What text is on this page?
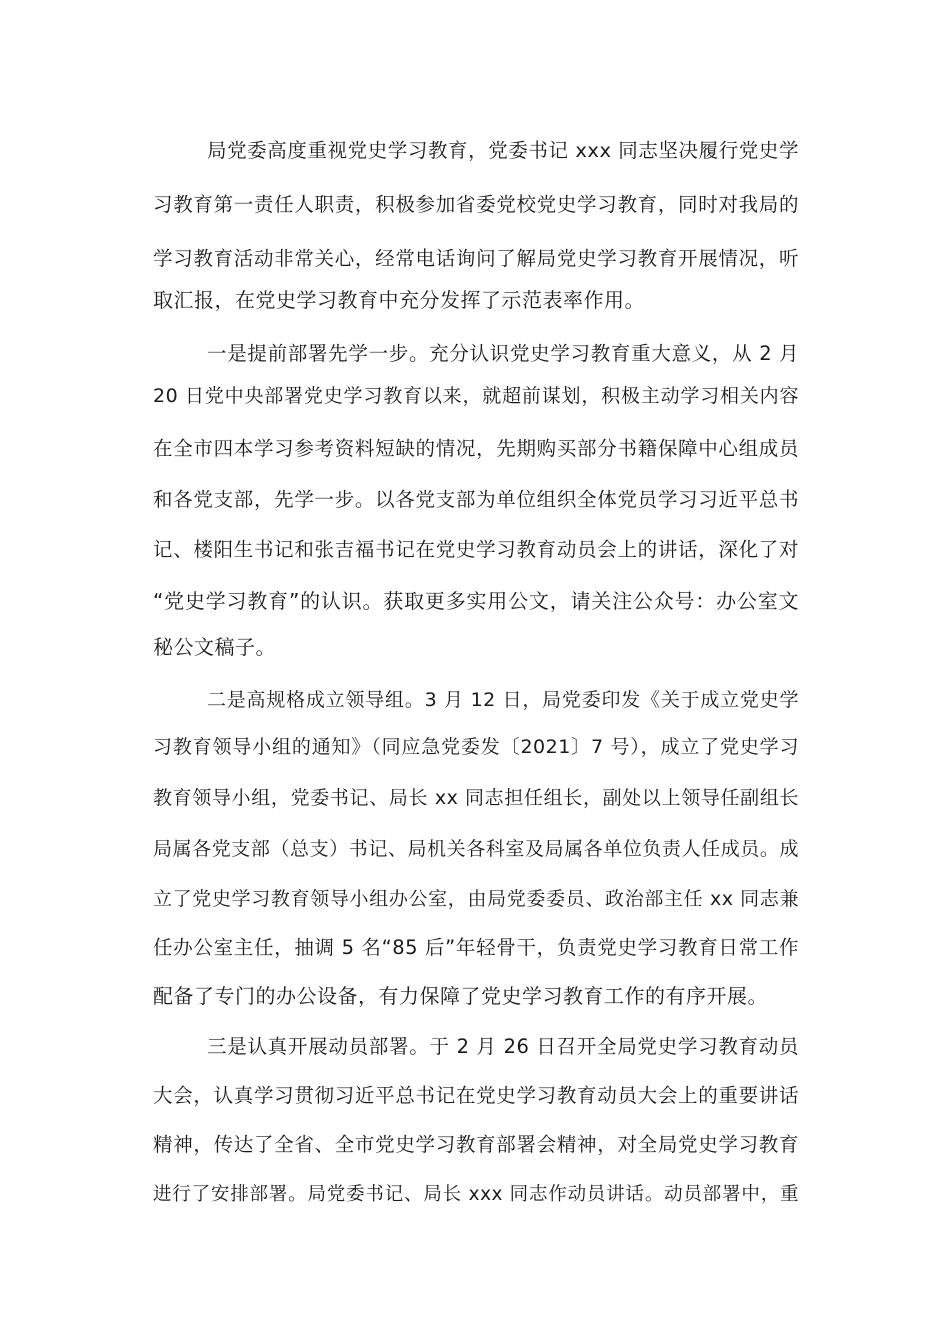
局党委高度重视党史学习教育，党委书记 xxx 同志坚决履行党史学
习教育第一责任人职责，积极参加省委党校党史学习教育，同时对我局的
学习教育活动非常关心，经常电话询问了解局党史学习教育开展情况，听
取汇报，在党史学习教育中充分发挥了示范表率作用。
一是提前部署先学一步。充分认识党史学习教育重大意义，从 2 月
20 日党中央部署党史学习教育以来，就超前谋划，积极主动学习相关内容
在全市四本学习参考资料短缺的情况，先期购买部分书籍保障中心组成员
和各党支部，先学一步。以各党支部为单位组织全体党员学习习近平总书
记、楼阳生书记和张吉福书记在党史学习教育动员会上的讲话，深化了对
“党史学习教育”的认识。获取更多实用公文，请关注公众号：办公室文
秘公文稿子。
二是高规格成立领导组。3 月 12 日，局党委印发《关于成立党史学
习教育领导小组的通知》（同应急党委发〔2021〕7 号），成立了党史学习
教育领导小组，党委书记、局长 xx 同志担任组长，副处以上领导任副组长
局属各党支部（总支）书记、局机关各科室及局属各单位负责人任成员。成
立了党史学习教育领导小组办公室，由局党委委员、政治部主任 xx 同志兼
任办公室主任，抽调 5 名“85 后”年轻骨干，负责党史学习教育日常工作
配备了专门的办公设备，有力保障了党史学习教育工作的有序开展。
三是认真开展动员部署。于 2 月 26 日召开全局党史学习教育动员
大会，认真学习贯彻习近平总书记在党史学习教育动员大会上的重要讲话
精神，传达了全省、全市党史学习教育部署会精神，对全局党史学习教育
进行了安排部署。局党委书记、局长 xxx 同志作动员讲话。动员部署中，重
